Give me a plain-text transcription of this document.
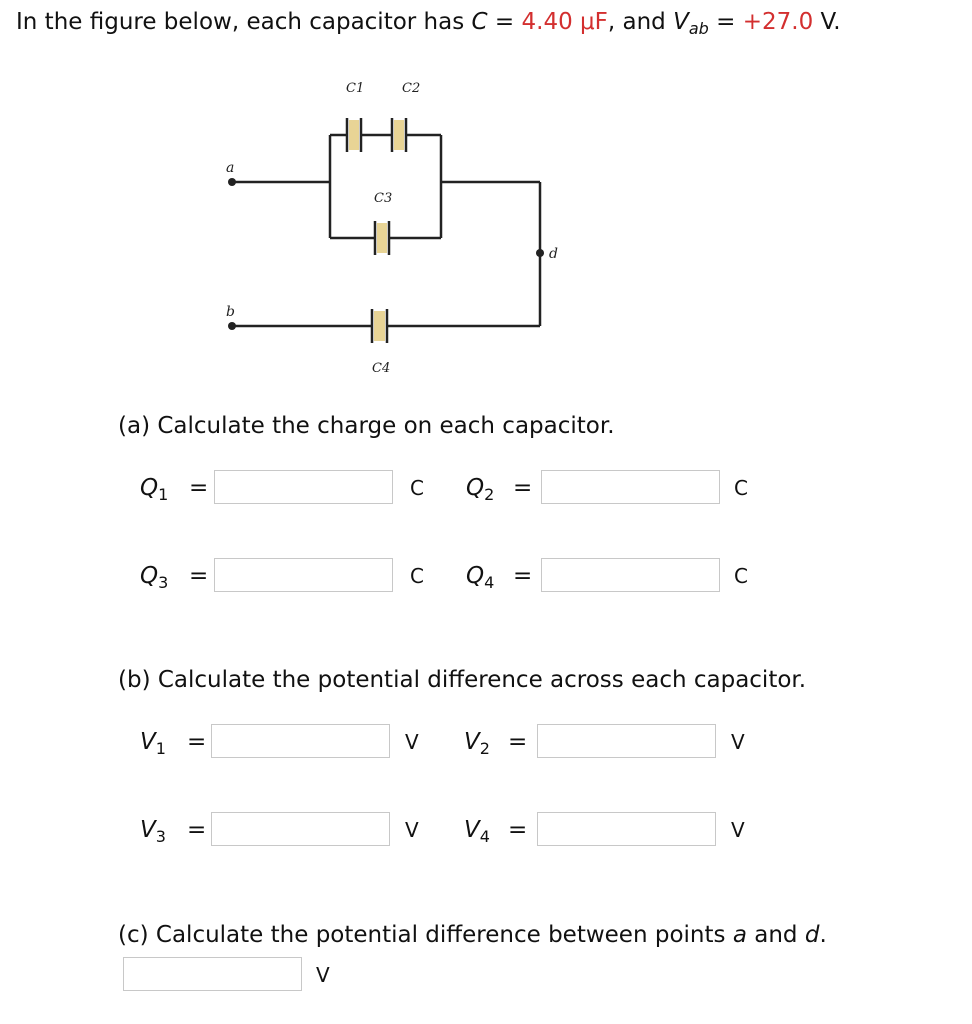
In the figure below, each capacitor has C = 4.40 μF, and $V_{ab} = +27.0$ V.
a
b
d
C1	C2
C3
C4
(a) Calculate the charge on each capacitor.
$Q_1$ =	C $Q_2$ =	C
$Q_3$ =	C $Q_4$ =	C
(b) Calculate the potential difference across each capacitor.
$V_1$ =	V $V_2$ =	V
$V_3$ =	V $V_4$ =	V
(c) Calculate the potential difference between points a and d.
V
